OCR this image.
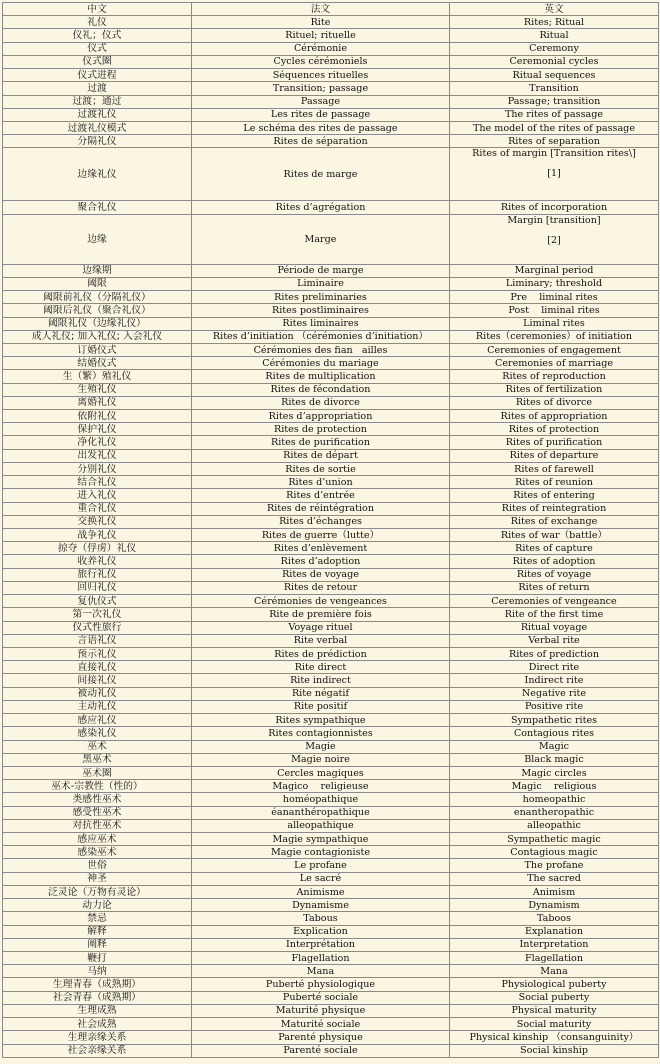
中文	法文	英文
礼仪	Rite	Rites; Ritual
仪礼；仪式	Rituel; rituelle	Ritual
仪式	Cérémonie	Ceremony
仪式圈	Cycles cérémoniels	Ceremonial cycles
仪式进程	Séquences rituelles	Ritual sequences
过渡	Transition; passage	Transition
过渡；通过	Passage	Passage; transition
过渡礼仪	Les rites de passage	The rites of passage
过渡礼仪模式	Le schéma des rites de passage	The model of the rites of passage
分隔礼仪	Rites de séparation	Rites of separation
边缘礼仪	Rites de marge	Rites of margin [Transition rites\]
[1]

聚合礼仪	Rites d’agrégation	Rites of incorporation
边缘	Marge	Margin [transition]
[2]

边缘期	Période de marge	Marginal period
阈限	Liminaire	Liminary; threshold
阈限前礼仪（分隔礼仪）	Rites preliminaries	Pre    liminal rites
阈限后礼仪（聚合礼仪）	Rites postliminaires	Post    liminal rites
阈限礼仪（边缘礼仪）	Rites liminaires	Liminal rites
成人礼仪; 加入礼仪; 入会礼仪	Rites d’initiation （cérémonies d’initiation）	Rites（ceremonies）of initiation
订婚仪式	Cérémonies des fian   ailles	Ceremonies of engagement
结婚仪式	Cérémonies du mariage	Ceremonies of marriage
生（繁）殖礼仪	Rites de multiplication	Rites of reproduction
生殖礼仪	Rites de fécondation	Rites of fertilization
离婚礼仪	Rites de divorce	Rites of divorce
依附礼仪	Rites d’appropriation	Rites of appropriation
保护礼仪	Rites de protection	Rites of protection
净化礼仪	Rites de purification	Rites of purification
出发礼仪	Rites de départ	Rites of departure
分别礼仪	Rites de sortie	Rites of farewell
结合礼仪	Rites d’union	Rites of reunion
进入礼仪	Rites d’entrée	Rites of entering
重合礼仪	Rites de réintégration	Rites of reintegration
交换礼仪	Rites d’échanges	Rites of exchange
战争礼仪	Rites de guerre（lutte）	Rites of war（battle）
掠夺（俘虏）礼仪	Rites d’enlèvement	Rites of capture
收养礼仪	Rites d’adoption	Rites of adoption
旅行礼仪	Rites de voyage	Rites of voyage
回归礼仪	Rites de retour	Rites of return
复仇仪式	Cérémonies de vengeances	Ceremonies of vengeance
第一次礼仪	Rite de première fois	Rite of the first time
仪式性旅行	Voyage rituel	Ritual voyage
言语礼仪	Rite verbal	Verbal rite
预示礼仪	Rites de prédiction	Rites of prediction
直接礼仪	Rite direct	Direct rite
间接礼仪	Rite indirect	Indirect rite
被动礼仪	Rite négatif	Negative rite
主动礼仪	Rite positif	Positive rite
感应礼仪	Rites sympathique	Sympathetic rites
感染礼仪	Rites contagionnistes	Contagious rites
巫术	Magie	Magic
黑巫术	Magie noire	Black magic
巫术圈	Cercles magiques	Magic circles
巫术-宗教性（性的）	Magico    religieuse	Magic    religious
类感性巫术	homéopathique	homeopathic
感受性巫术	éananthéropathique	enantheropathic
对抗性巫术	alleopathique	alleopathic
感应巫术	Magie sympathique	Sympathetic magic
感染巫术	Magie contagioniste	Contagious magic
世俗	Le profane	The profane
神圣	Le sacré	The sacred
泛灵论（万物有灵论）	Animisme	Animism
动力论	Dynamisme	Dynamism
禁忌	Tabous	Taboos
解释	Explication	Explanation
阐释	Interprétation	Interpretation
鞭打	Flagellation	Flagellation
马纳	Mana	Mana
生理青春（成熟期）	Puberté physiologique	Physiological puberty
社会青春（成熟期）	Puberté sociale	Social puberty
生理成熟	Maturité physique	Physical maturity
社会成熟	Maturité sociale	Social maturity
生理亲缘关系	Parenté physique	Physical kinship （consanguinity）
社会亲缘关系	Parenté sociale	Social kinship
